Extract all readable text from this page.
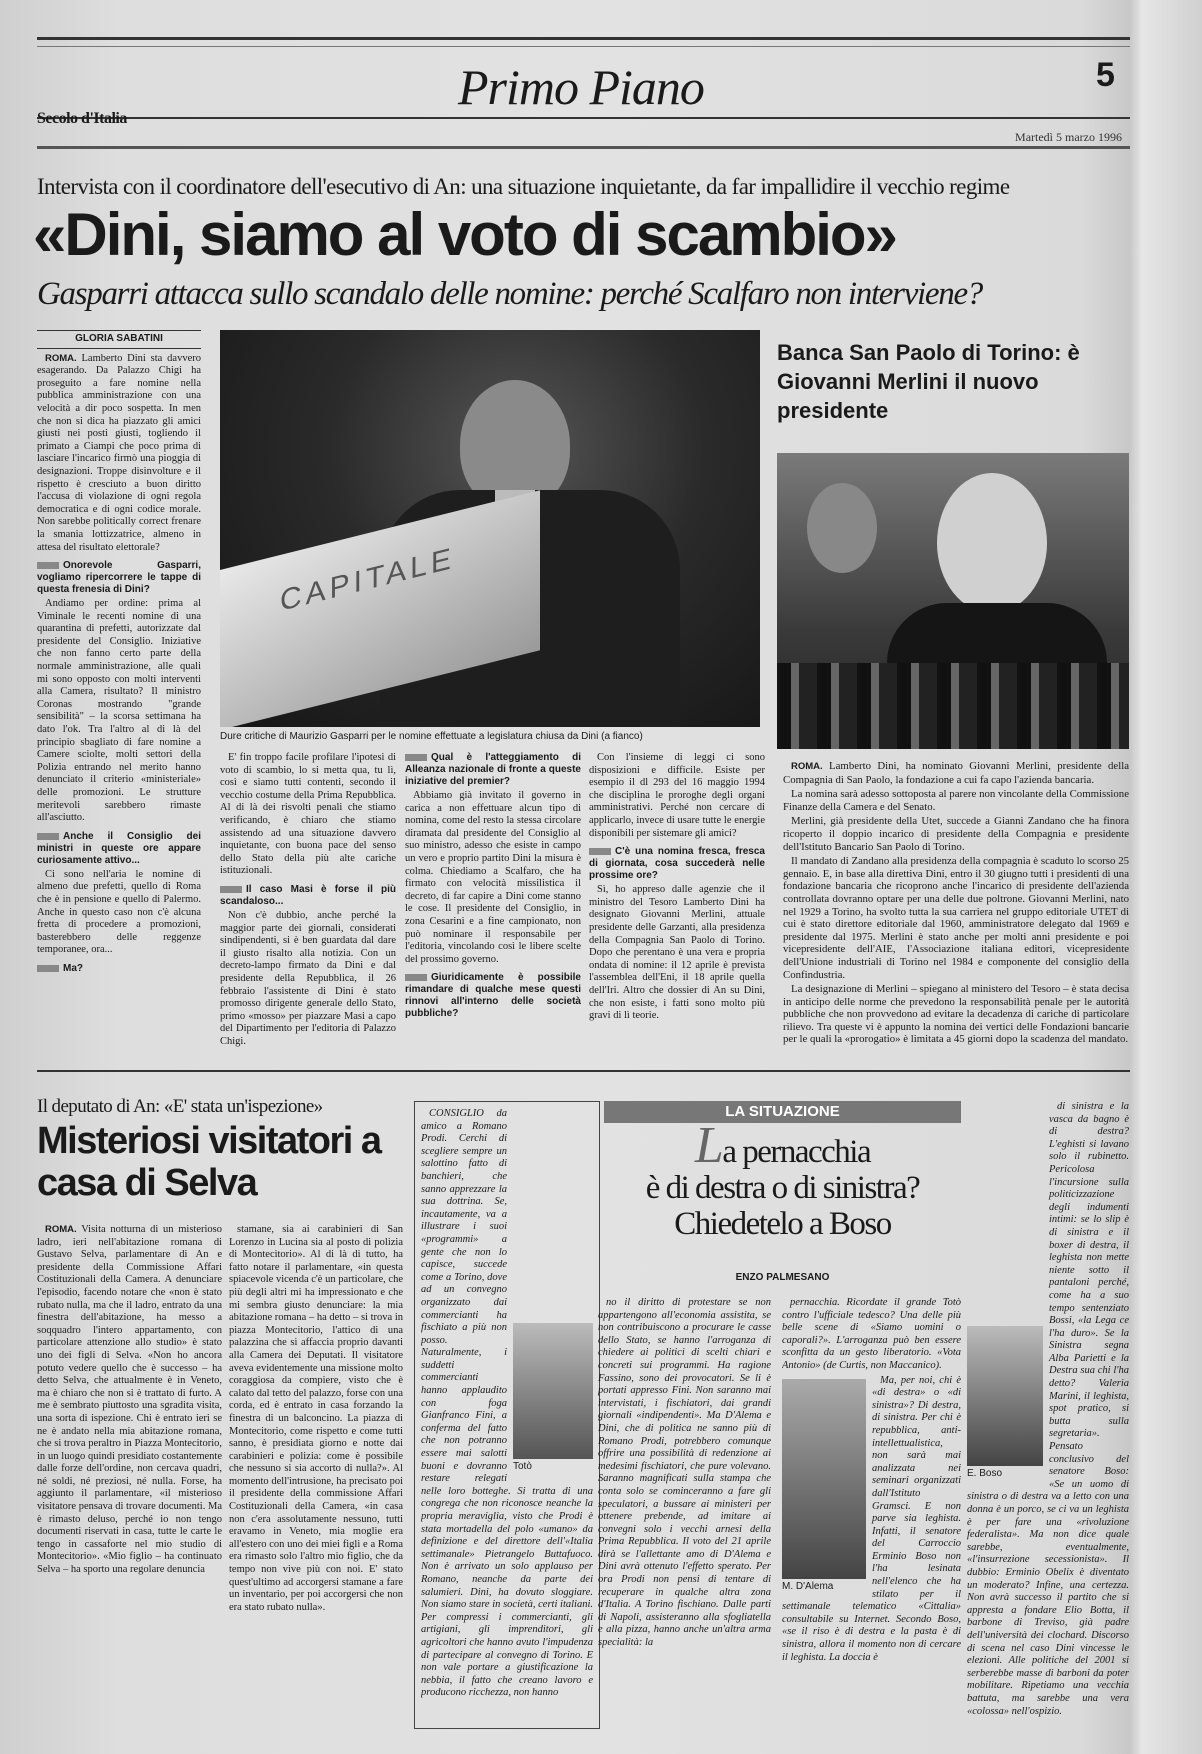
Primo Piano	5
Secolo d'Italia
Martedì 5 marzo 1996
Intervista con il coordinatore dell'esecutivo di An: una situazione inquietante, da far impallidire il vecchio regime
«Dini, siamo al voto di scambio»
Gasparri attacca sullo scandalo delle nomine: perché Scalfaro non interviene?
GLORIA SABATINI

ROMA. Lamberto Dini sta davvero esagerando. Da Palazzo Chigi ha proseguito a fare nomine nella pubblica amministrazione con una velocità a dir poco sospetta. In men che non si dica ha piazzato gli amici giusti nei posti giusti, togliendo il primato a Ciampi che poco prima di lasciare l'incarico firmò una pioggia di designazioni. Troppe disinvolture e il rispetto è cresciuto a buon diritto l'accusa di violazione di ogni regola democratica e di ogni codice morale. Non sarebbe politically correct frenare la smania lottizzatrice, almeno in attesa del risultato elettorale?

Onorevole Gasparri, vogliamo ripercorrere le tappe di questa frenesia di Dini?

Andiamo per ordine: prima al Viminale le recenti nomine di una quarantina di prefetti, autorizzate dal presidente del Consiglio. Iniziative che non fanno certo parte della normale amministrazione, alle quali mi sono opposto con molti interventi alla Camera, risultato? Il ministro Coronas mostrando "grande sensibilità" – la scorsa settimana ha dato l'ok. Tra l'altro al di là del principio sbagliato di fare nomine a Camere sciolte, molti settori della Polizia entrando nel merito hanno denunciato il criterio «ministeriale» delle promozioni. Le strutture meritevoli sarebbero rimaste all'asciutto.

Anche il Consiglio dei ministri in queste ore appare curiosamente attivo...

Ci sono nell'aria le nomine di almeno due prefetti, quello di Roma che è in pensione e quello di Palermo. Anche in questo caso non c'è alcuna fretta di procedere a promozioni, basterebbero delle reggenze temporanee, ora...

Ma?
CAPITALE
Dure critiche di Maurizio Gasparri per le nomine effettuate a legislatura chiusa da Dini (a fianco)

E' fin troppo facile profilare l'ipotesi di voto di scambio, lo si metta qua, tu lì, così e siamo tutti contenti, secondo il vecchio costume della Prima Repubblica. Al di là dei risvolti penali che stiamo verificando, è chiaro che stiamo assistendo ad una situazione davvero inquietante, con buona pace del senso dello Stato della più alte cariche istituzionali.

Il caso Masi è forse il più scandaloso...

Non c'è dubbio, anche perché la maggior parte dei giornali, considerati sindipendenti, si è ben guardata dal dare il giusto risalto alla notizia. Con un decreto-lampo firmato da Dini e dal presidente della Repubblica, il 26 febbraio l'assistente di Dini è stato promosso dirigente generale dello Stato, primo «mosso» per piazzare Masi a capo del Dipartimento per l'editoria di Palazzo Chigi.

Qual è l'atteggiamento di Alleanza nazionale di fronte a queste iniziative del premier?

Abbiamo già invitato il governo in carica a non effettuare alcun tipo di nomina, come del resto la stessa circolare diramata dal presidente del Consiglio al suo ministro, adesso che esiste in campo un vero e proprio partito Dini la misura è colma. Chiediamo a Scalfaro, che ha firmato con velocità missilistica il decreto, di far capire a Dini come stanno le cose. Il presidente del Consiglio, in zona Cesarini e a fine campionato, non può nominare il responsabile per l'editoria, vincolando così le libere scelte del prossimo governo.

Giuridicamente è possibile rimandare di qualche mese questi rinnovi all'interno delle società pubbliche?

Con l'insieme di leggi ci sono disposizioni e difficile. Esiste per esempio il dl 293 del 16 maggio 1994 che disciplina le proroghe degli organi amministrativi. Perché non cercare di applicarlo, invece di usare tutte le energie disponibili per sistemare gli amici?

C'è una nomina fresca, fresca di giornata, cosa succederà nelle prossime ore?

Sì, ho appreso dalle agenzie che il ministro del Tesoro Lamberto Dini ha designato Giovanni Merlini, attuale presidente delle Garzanti, alla presidenza della Compagnia San Paolo di Torino. Dopo che perentano è una vera e propria ondata di nomine: il 12 aprile è prevista l'assemblea dell'Eni, il 18 aprile quella dell'Iri. Altro che dossier di An su Dini, che non esiste, i fatti sono molto più gravi di lì teorie.

Banca San Paolo di Torino: è Giovanni Merlini il nuovo presidente

ROMA. Lamberto Dini, ha nominato Giovanni Merlini, presidente della Compagnia di San Paolo, la fondazione a cui fa capo l'azienda bancaria.

La nomina sarà adesso sottoposta al parere non vincolante della Commissione Finanze della Camera e del Senato.

Merlini, già presidente della Utet, succede a Gianni Zandano che ha finora ricoperto il doppio incarico di presidente della Compagnia e presidente dell'Istituto Bancario San Paolo di Torino.

Il mandato di Zandano alla presidenza della compagnia è scaduto lo scorso 25 gennaio. E, in base alla direttiva Dini, entro il 30 giugno tutti i presidenti di una fondazione bancaria che ricoprono anche l'incarico di presidente dell'azienda controllata dovranno optare per una delle due poltrone. Giovanni Merlini, nato nel 1929 a Torino, ha svolto tutta la sua carriera nel gruppo editoriale UTET di cui è stato direttore editoriale dal 1960, amministratore delegato dal 1969 e presidente dal 1975. Merlini è stato anche per molti anni presidente e poi vicepresidente dell'AIE, l'Associazione italiana editori, vicepresidente dell'Unione industriali di Torino nel 1984 e componente del consiglio della Confindustria.

La designazione di Merlini – spiegano al ministero del Tesoro – è stata decisa in anticipo delle norme che prevedono la responsabilità penale per le autorità pubbliche che non provvedono ad evitare la decadenza di cariche di particolare rilievo. Tra queste vi è appunto la nomina dei vertici delle Fondazioni bancarie per le quali la «prorogatio» è limitata a 45 giorni dopo la scadenza del mandato.

Il deputato di An: «E' stata un'ispezione»
Misteriosi visitatori a casa di Selva

ROMA. Visita notturna di un misterioso ladro, ieri nell'abitazione romana di Gustavo Selva, parlamentare di An e presidente della Commissione Affari Costituzionali della Camera. A denunciare l'episodio, facendo notare che «non è stato rubato nulla, ma che il ladro, entrato da una finestra dell'abitazione, ha messo a soqquadro l'intero appartamento, con particolare attenzione allo studio» è stato uno dei figli di Selva. «Non ho ancora potuto vedere quello che è successo – ha detto Selva, che attualmente è in Veneto, ma è chiaro che non si è trattato di furto. A me è sembrato piuttosto una sgradita visita, una sorta di ispezione. Chi è entrato ieri se ne è andato nella mia abitazione romana, che si trova peraltro in Piazza Montecitorio, in un luogo quindi presidiato costantemente dalle forze dell'ordine, non cercava quadri, né soldi, né preziosi, né nulla. Forse, ha aggiunto il parlamentare, «il misterioso visitatore pensava di trovare documenti. Ma è rimasto deluso, perché io non tengo documenti riservati in casa, tutte le carte le tengo in cassaforte nel mio studio di Montecitorio». «Mio figlio – ha continuato Selva – ha sporto una regolare denuncia

stamane, sia ai carabinieri di San Lorenzo in Lucina sia al posto di polizia di Montecitorio». Al di là di tutto, ha fatto notare il parlamentare, «in questa spiacevole vicenda c'è un particolare, che più degli altri mi ha impressionato e che mi sembra giusto denunciare: la mia abitazione romana – ha detto – si trova in piazza Montecitorio, l'attico di una palazzina che si affaccia proprio davanti alla Camera dei Deputati. Il visitatore aveva evidentemente una missione molto coraggiosa da compiere, visto che è calato dal tetto del palazzo, forse con una corda, ed è entrato in casa forzando la finestra di un balconcino. La piazza di Montecitorio, come rispetto e come tutti sanno, è presidiata giorno e notte dai carabinieri e polizia: come è possibile che nessuno si sia accorto di nulla?». Al momento dell'intrusione, ha precisato poi il presidente della commissione Affari Costituzionali della Camera, «in casa non c'era assolutamente nessuno, tutti eravamo in Veneto, mia moglie era all'estero con uno dei miei figli e a Roma era rimasto solo l'altro mio figlio, che da tempo non vive più con noi. E' stato quest'ultimo ad accorgersi stamane a fare un inventario, per poi accorgersi che non era stato rubato nulla».

Totò

CONSIGLIO da amico a Romano Prodi. Cerchi di scegliere sempre un salottino fatto di banchieri, che sanno apprezzare la sua dottrina. Se, incautamente, va a illustrare i suoi «programmi» a gente che non lo capisce, succede come a Torino, dove ad un convegno organizzato dai commercianti ha fischiato a più non posso. Naturalmente, i suddetti commercianti hanno applaudito con foga Gianfranco Fini, a conferma del fatto che non potranno essere mai salotti buoni e dovranno restare relegati nelle loro botteghe. Si tratta di una congrega che non riconosce neanche la propria meraviglia, visto che Prodi è stata mortadella del polo «umano» da definizione e del direttore dell'«Italia settimanale» Pietrangelo Buttafuoco. Non è arrivato un solo applauso per Romano, neanche da parte dei salumieri. Dini, ha dovuto sloggiare. Non siamo stare in società, certi italiani. Per compressi i commercianti, gli artigiani, gli imprenditori, gli agricoltori che hanno avuto l'impudenza di partecipare al convegno di Torino. E non vale portare a giustificazione la nebbia, il fatto che creano lavoro e producono ricchezza, non hanno

LA SITUAZIONE
La pernacchia
è di destra o di sinistra?
Chiedetelo a Boso
ENZO PALMESANO

no il diritto di protestare se non appartengono all'economia assistita, se non contribuiscono a procurare le casse dello Stato, se hanno l'arroganza di chiedere ai politici di scelti chiari e concreti sui programmi. Ha ragione Fassino, sono dei provocatori. Se li è portati appresso Fini. Non saranno mai intervistati, i fischiatori, dai grandi giornali «indipendenti». Ma D'Alema e Dini, che di politica ne sanno più di Romano Prodi, potrebbero comunque offrire una possibilità di redenzione ai medesimi fischiatori, che pure volevano. Saranno magnificati sulla stampa che conta solo se cominceranno a fare gli speculatori, a bussare ai ministeri per ottenere prebende, ad imitare ai convegni solo i vecchi arnesi della Prima Repubblica. Il voto del 21 aprile dirà se l'allettante amo di D'Alema e Dini avrà ottenuto l'effetto sperato. Per ora Prodi non pensi di tentare di recuperare in qualche altra zona d'Italia. A Torino fischiano. Dalle parti di Napoli, assisteranno alla sfogliatella e alla pizza, hanno anche un'altra arma specialità: la

pernacchia. Ricordate il grande Totò contro l'ufficiale tedesco? Una delle più belle scene di «Siamo uomini o caporali?». L'arroganza può ben essere sconfitta da un gesto liberatorio. «Vota Antonio» (de Curtis, non Maccanico).

M. D'Alema

Ma, per noi, chi è «di destra» o «di sinistra»? Di destra, di sinistra. Per chi è repubblica, anti-intellettualistica, non sarà mai analizzata nei seminari organizzati dall'Istituto Gramsci. E non parve sia leghista. Infatti, il senatore del Carroccio Erminio Boso non l'ha lesinata nell'elenco che ha stilato per il settimanale telematico «Cittalia» consultabile su Internet. Secondo Boso, «se il riso è di destra e la pasta è di sinistra, allora il momento non di cercare il leghista. La doccia è

E. Boso

di sinistra e la vasca da bagno è di destra? L'eghisti si lavano solo il rubinetto. Pericolosa l'incursione sulla politicizzazione degli indumenti intimi: se lo slip è di sinistra e il boxer di destra, il leghista non mette niente sotto il pantaloni perché, come ha a suo tempo sentenziato Bossi, «la Lega ce l'ha duro». Se la Sinistra segna Alba Parietti e la Destra sua chi l'ha detto? Valeria Marini, il leghista, spot pratico, si butta sulla segretaria». Pensato conclusivo del senatore Boso: «Se un uomo di sinistra o di destra va a letto con una donna è un porco, se ci va un leghista è per fare una «rivoluzione federalista». Ma non dice quale sarebbe, eventualmente, «l'insurrezione secessionista». Il dubbio: Erminio Obelix è diventato un moderato? Infine, una certezza. Non avrà successo il partito che si appresta a fondare Elio Botta, il barbone di Treviso, già padre dell'università dei clochard. Discorso di scena nel caso Dini vincesse le elezioni. Alle politiche del 2001 si serberebbe masse di barboni da poter mobilitare. Ripetiamo una vecchia battuta, ma sarebbe una vera «colossa» nell'ospizio.
